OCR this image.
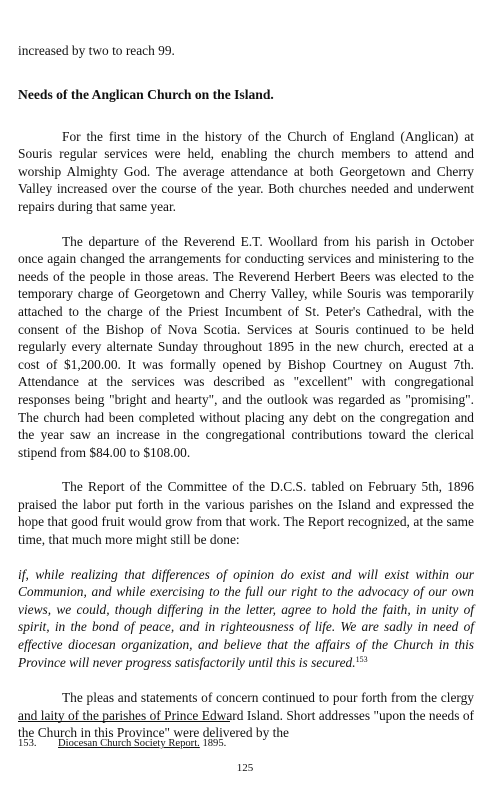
increased by two to reach 99.

Needs of the Anglican Church on the Island.

For the first time in the history of the Church of England (Anglican) at Souris regular services were held, enabling the church members to attend and worship Almighty God. The average attendance at both Georgetown and Cherry Valley increased over the course of the year. Both churches needed and underwent repairs during that same year.

The departure of the Reverend E.T. Woollard from his parish in October once again changed the arrangements for conducting services and ministering to the needs of the people in those areas. The Reverend Herbert Beers was elected to the temporary charge of Georgetown and Cherry Valley, while Souris was temporarily attached to the charge of the Priest Incumbent of St. Peter's Cathedral, with the consent of the Bishop of Nova Scotia. Services at Souris continued to be held regularly every alternate Sunday throughout 1895 in the new church, erected at a cost of $1,200.00. It was formally opened by Bishop Courtney on August 7th. Attendance at the services was described as "excellent" with congregational responses being "bright and hearty", and the outlook was regarded as "promising". The church had been completed without placing any debt on the congregation and the year saw an increase in the congregational contributions toward the clerical stipend from $84.00 to $108.00.

The Report of the Committee of the D.C.S. tabled on February 5th, 1896 praised the labor put forth in the various parishes on the Island and expressed the hope that good fruit would grow from that work. The Report recognized, at the same time, that much more might still be done:

if, while realizing that differences of opinion do exist and will exist within our Communion, and while exercising to the full our right to the advocacy of our own views, we could, though differing in the letter, agree to hold the faith, in unity of spirit, in the bond of peace, and in righteousness of life. We are sadly in need of effective diocesan organization, and believe that the affairs of the Church in this Province will never progress satisfactorily until this is secured.$^{153}$

The pleas and statements of concern continued to pour forth from the clergy and laity of the parishes of Prince Edward Island. Short addresses "upon the needs of the Church in this Province" were delivered by the

153. Diocesan Church Society Report. 1895.
125
